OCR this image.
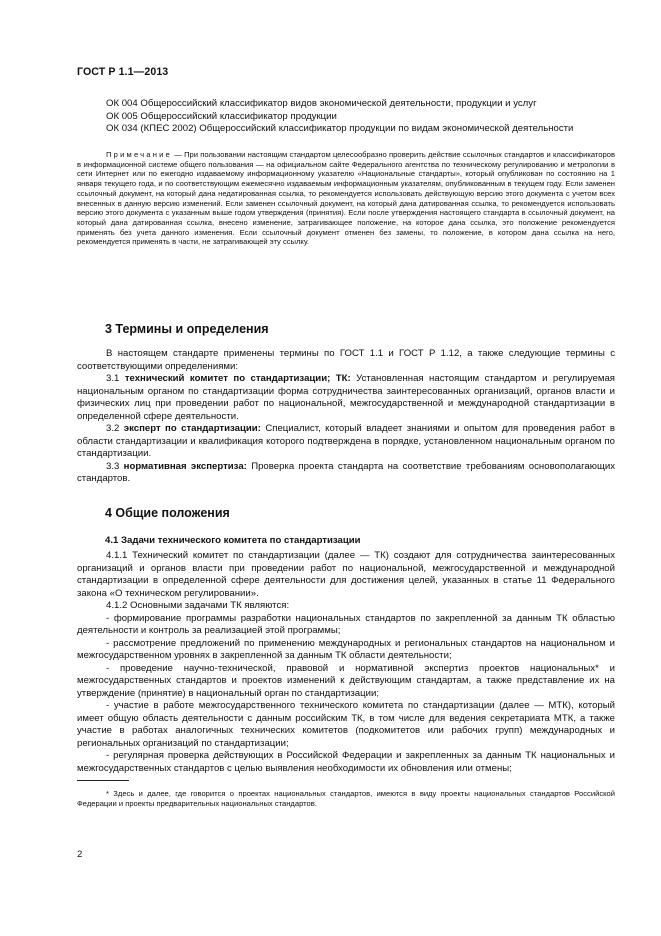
ГОСТ Р 1.1—2013

ОК 004 Общероссийский классификатор видов экономической деятельности, продукции и услуг

ОК 005 Общероссийский классификатор продукции

ОК 034 (КПЕС 2002) Общероссийский классификатор продукции по видам экономической деятельности

Примечание — При пользовании настоящим стандартом целесообразно проверить действие ссылочных стандартов и классификаторов в информационной системе общего пользования — на официальном сайте Федерального агентства по техническому регулированию и метрологии в сети Интернет или по ежегодно издаваемому информационному указателю «Национальные стандарты», который опубликован по состоянию на 1 января текущего года, и по соответствующим ежемесячно издаваемым информационным указателям, опубликованным в текущем году. Если заменен ссылочный документ, на который дана недатированная ссылка, то рекомендуется использовать действующую версию этого документа с учетом всех внесенных в данную версию изменений. Если заменен ссылочный документ, на который дана датированная ссылка, то рекомендуется использовать версию этого документа с указанным выше годом утверждения (принятия). Если после утверждения настоящего стандарта в ссылочный документ, на который дана датированная ссылка, внесено изменение, затрагивающее положение, на которое дана ссылка, это положение рекомендуется применять без учета данного изменения. Если ссылочный документ отменен без замены, то положение, в котором дана ссылка на него, рекомендуется применять в части, не затрагивающей эту ссылку.

3 Термины и определения

В настоящем стандарте применены термины по ГОСТ 1.1 и ГОСТ Р 1.12, а также следующие термины с соответствующими определениями:

3.1 технический комитет по стандартизации; ТК: Установленная настоящим стандартом и регулируемая национальным органом по стандартизации форма сотрудничества заинтересованных организаций, органов власти и физических лиц при проведении работ по национальной, межгосударственной и международной стандартизации в определенной сфере деятельности.

3.2 эксперт по стандартизации: Специалист, который владеет знаниями и опытом для проведения работ в области стандартизации и квалификация которого подтверждена в порядке, установленном национальным органом по стандартизации.

3.3 нормативная экспертиза: Проверка проекта стандарта на соответствие требованиям основополагающих стандартов.

4 Общие положения
4.1 Задачи технического комитета по стандартизации

4.1.1 Технический комитет по стандартизации (далее — ТК) создают для сотрудничества заинтересованных организаций и органов власти при проведении работ по национальной, межгосударственной и международной стандартизации в определенной сфере деятельности для достижения целей, указанных в статье 11 Федерального закона «О техническом регулировании».

4.1.2 Основными задачами ТК являются:

- формирование программы разработки национальных стандартов по закрепленной за данным ТК областью деятельности и контроль за реализацией этой программы;

- рассмотрение предложений по применению международных и региональных стандартов на национальном и межгосударственном уровнях в закрепленной за данным ТК области деятельности;

- проведение научно-технической, правовой и нормативной экспертиз проектов национальных* и межгосударственных стандартов и проектов изменений к действующим стандартам, а также представление их на утверждение (принятие) в национальный орган по стандартизации;

- участие в работе межгосударственного технического комитета по стандартизации (далее — МТК), который имеет общую область деятельности с данным российским ТК, в том числе для ведения секретариата МТК, а также участие в работах аналогичных технических комитетов (подкомитетов или рабочих групп) международных и региональных организаций по стандартизации;

- регулярная проверка действующих в Российской Федерации и закрепленных за данным ТК национальных и межгосударственных стандартов с целью выявления необходимости их обновления или отмены;

* Здесь и далее, где говорится о проектах национальных стандартов, имеются в виду проекты национальных стандартов Российской Федерации и проекты предварительных национальных стандартов.

2
